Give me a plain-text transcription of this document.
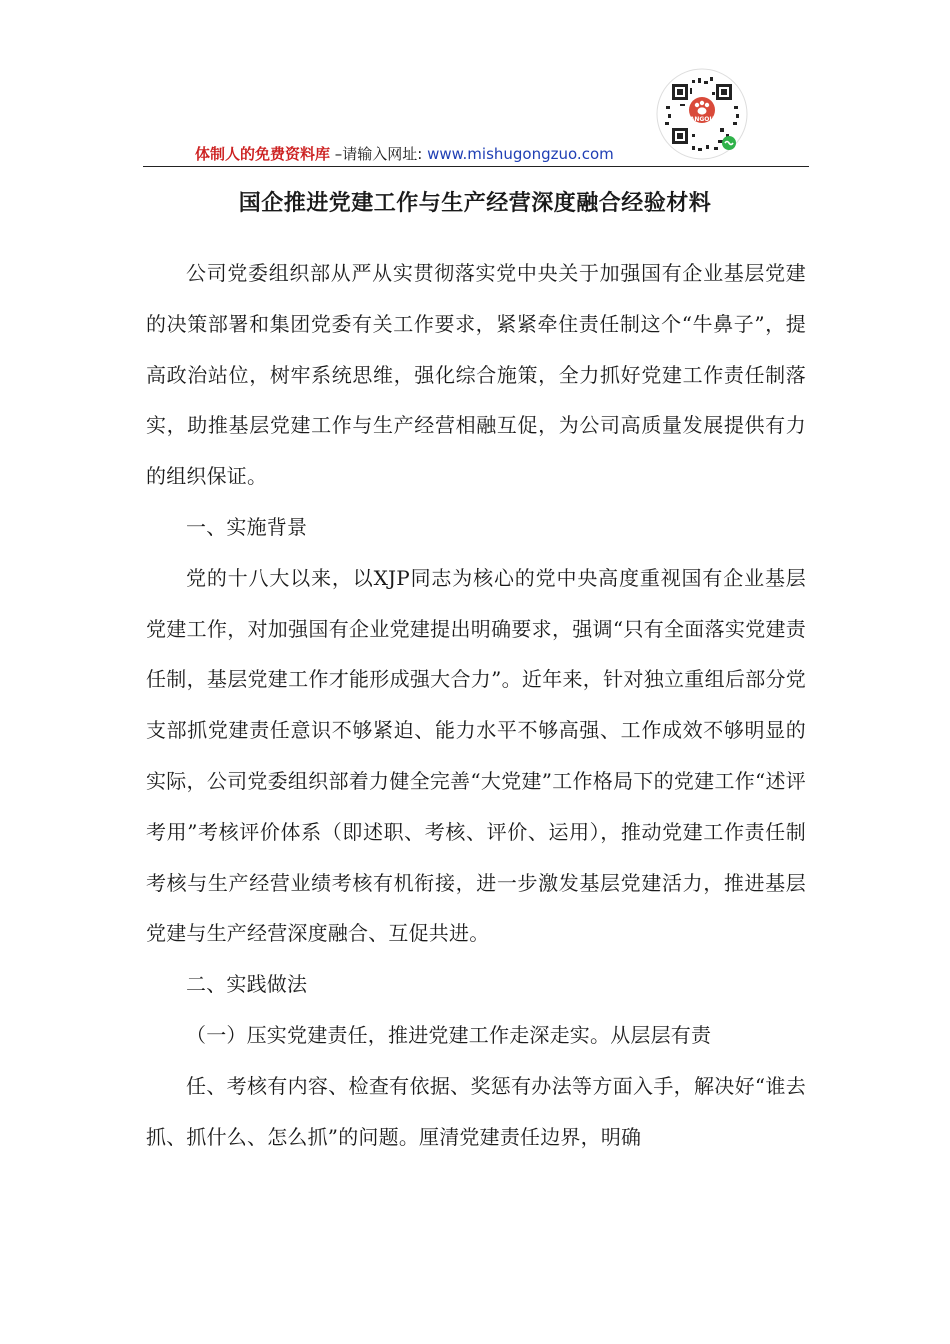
ANGOU
体制人的免费资料库 –请输入网址: www.mishugongzuo.com
国企推进党建工作与生产经营深度融合经验材料

公司党委组织部从严从实贯彻落实党中央关于加强国有企业基层党建的决策部署和集团党委有关工作要求，紧紧牵住责任制这个“牛鼻子”，提高政治站位，树牢系统思维，强化综合施策，全力抓好党建工作责任制落实，助推基层党建工作与生产经营相融互促，为公司高质量发展提供有力的组织保证。

一、实施背景

党的十八大以来，以XJP同志为核心的党中央高度重视国有企业基层党建工作，对加强国有企业党建提出明确要求，强调“只有全面落实党建责任制，基层党建工作才能形成强大合力”。近年来，针对独立重组后部分党支部抓党建责任意识不够紧迫、能力水平不够高强、工作成效不够明显的实际，公司党委组织部着力健全完善“大党建”工作格局下的党建工作“述评考用”考核评价体系（即述职、考核、评价、运用），推动党建工作责任制考核与生产经营业绩考核有机衔接，进一步激发基层党建活力，推进基层党建与生产经营深度融合、互促共进。

二、实践做法

（一）压实党建责任，推进党建工作走深走实。从层层有责

任、考核有内容、检查有依据、奖惩有办法等方面入手，解决好“谁去抓、抓什么、怎么抓”的问题。厘清党建责任边界，明确
